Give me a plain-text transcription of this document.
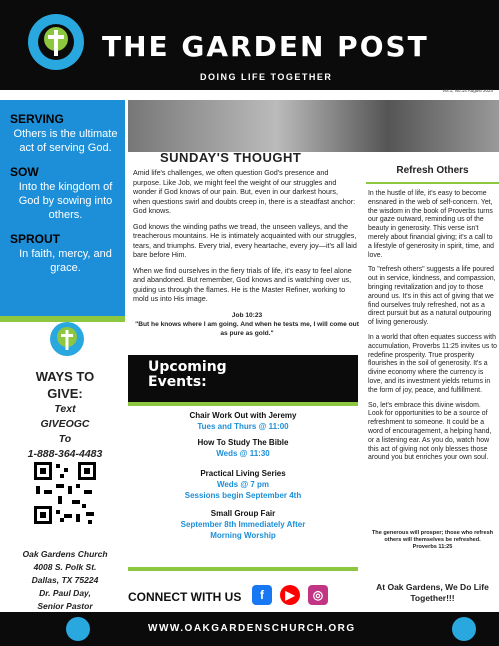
THE GARDEN POST
DOING LIFE TOGETHER
Vol.1, No.14 August 2024
SERVING
Others is the ultimate act of serving God.
SOW
Into the kingdom of God by sowing into others.
SPROUT
In faith, mercy, and grace.
WAYS TO
GIVE:
Text
GIVEOGC
To
1-888-364-4483
Oak Gardens Church
4008 S. Polk St.
Dallas, TX 75224
Dr. Paul Day,
Senior Pastor
SUNDAY'S THOUGHT

Amid life's challenges, we often question God's presence and purpose. Like Job, we might feel the weight of our struggles and wonder if God knows of our pain. But, even in our darkest hours, when questions swirl and doubts creep in, there is a steadfast anchor: God knows.

God knows the winding paths we tread, the unseen valleys, and the treacherous mountains. He is intimately acquainted with our struggles, tears, and triumphs. Every trial, every heartache, every joy—it's all laid bare before Him.

When we find ourselves in the fiery trials of life, it's easy to feel alone and abandoned. But remember, God knows and is watching over us, guiding us through the flames. He is the Master Refiner, working to mold us into His image.

Job 10:23
"But he knows where I am going. And when he tests me, I will come out as pure as gold."
Upcoming
Events:
Chair Work Out with Jeremy
Tues and Thurs @ 11:00
How To Study The Bible
Weds @ 11:30
Practical Living Series
Weds @ 7 pm
Sessions begin September 4th
Small Group Fair
September 8th Immediately After
Morning Worship
CONNECT WITH US	f	▶	◎
Refresh Others

In the hustle of life, it's easy to become ensnared in the web of self-concern. Yet, the wisdom in the book of Proverbs turns our gaze outward, reminding us of the beauty in generosity. This verse isn't merely about financial giving; it's a call to a lifestyle of generosity in spirit, time, and love.

To "refresh others" suggests a life poured out in service, kindness, and compassion, bringing revitalization and joy to those around us. It's in this act of giving that we find ourselves truly refreshed, not as a direct pursuit but as a natural outpouring of living generously.

In a world that often equates success with accumulation, Proverbs 11:25 invites us to redefine prosperity. True prosperity flourishes in the soil of generosity. It's a divine economy where the currency is love, and its investment yields returns in the form of joy, peace, and fulfillment.

So, let's embrace this divine wisdom. Look for opportunities to be a source of refreshment to someone. It could be a word of encouragement, a helping hand, or a listening ear. As you do, watch how this act of giving not only blesses those around you but enriches your own soul.

The generous will prosper; those who refresh others will themselves be refreshed.
Proverbs 11:25
At Oak Gardens, We Do Life Together!!!
WWW.OAKGARDENSCHURCH.ORG
